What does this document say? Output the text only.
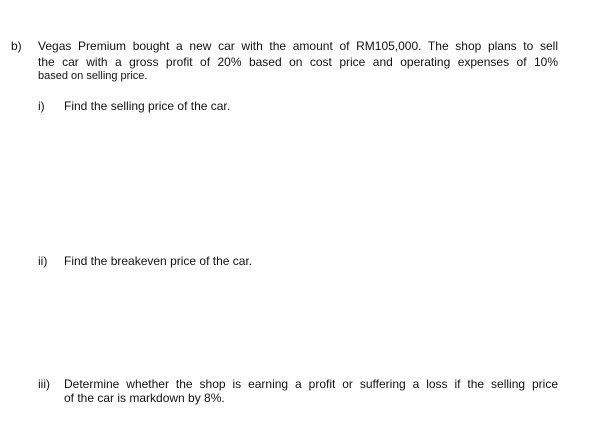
b) Vegas Premium bought a new car with the amount of RM105,000. The shop plans to sell
the car with a gross profit of 20% based on cost price and operating expenses of 10%
based on selling price.
i) Find the selling price of the car.
ii) Find the breakeven price of the car.
iii) Determine whether the shop is earning a profit or suffering a loss if the selling price
of the car is markdown by 8%.
